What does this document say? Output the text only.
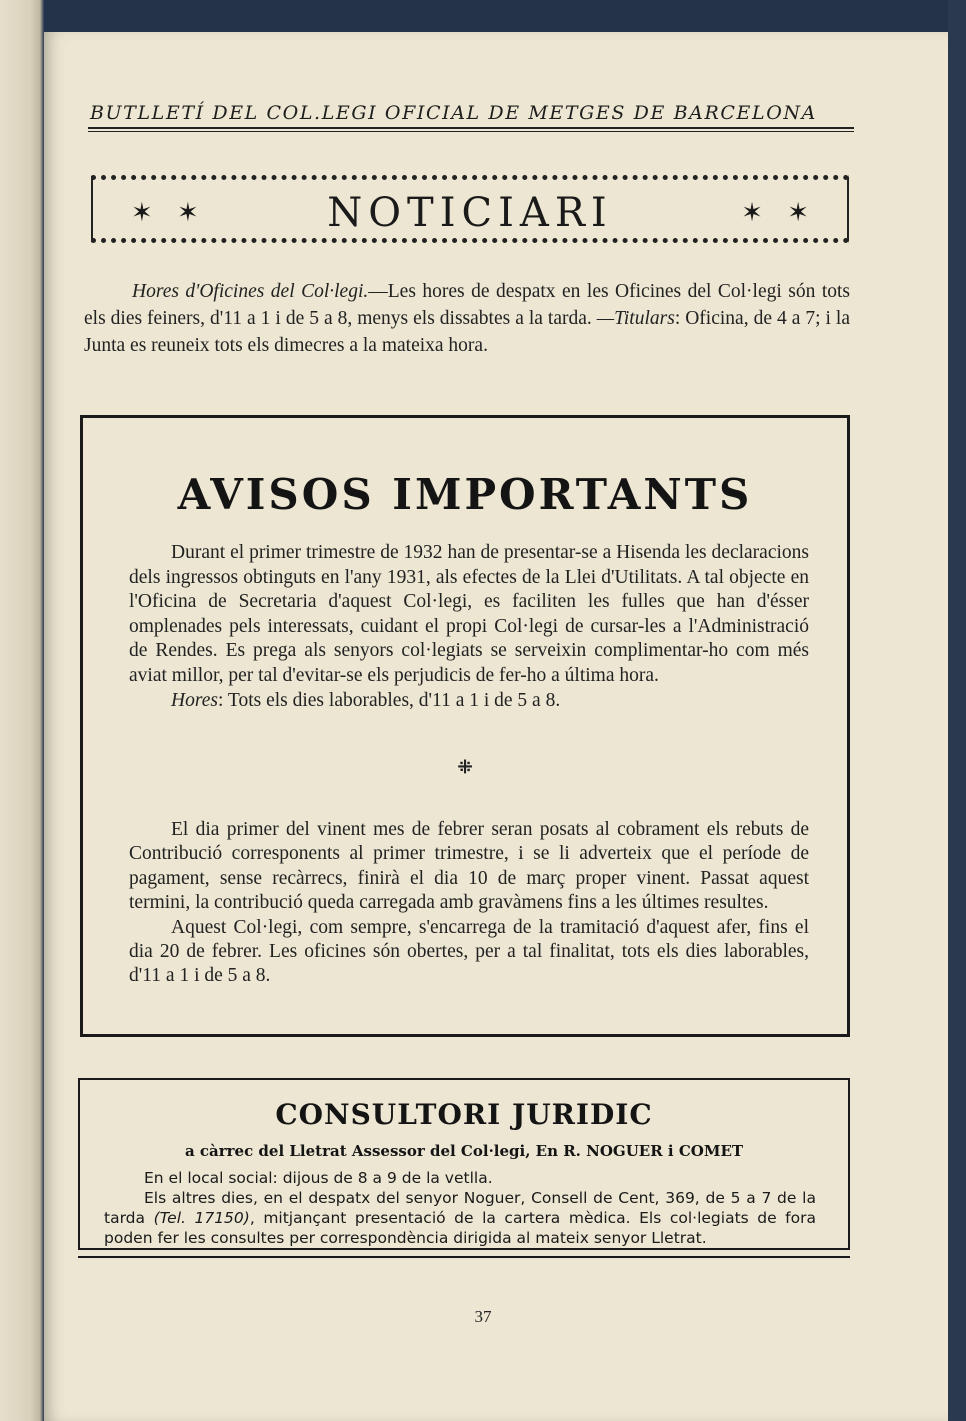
BUTLLETÍ DEL COL.LEGI OFICIAL DE METGES DE BARCELONA
✶ ✶	NOTICIARI	✶ ✶
Hores d'Oficines del Col·legi.—Les hores de despatx en les Oficines del Col·legi són tots els dies feiners, d'11 a 1 i de 5 a 8, menys els dissabtes a la tarda. —Titulars: Oficina, de 4 a 7; i la Junta es reuneix tots els dimecres a la mateixa hora.
AVISOS IMPORTANTS

Durant el primer trimestre de 1932 han de presentar-se a Hisenda les declaracions dels ingressos obtinguts en l'any 1931, als efectes de la Llei d'Utilitats. A tal objecte en l'Oficina de Secretaria d'aquest Col·legi, es faciliten les fulles que han d'ésser omplenades pels interessats, cuidant el propi Col·legi de cursar-les a l'Administració de Rendes. Es prega als senyors col·legiats se serveixin complimentar-ho com més aviat millor, per tal d'evitar-se els perjudicis de fer-ho a última hora.

Hores: Tots els dies laborables, d'11 a 1 i de 5 a 8.

⁜

El dia primer del vinent mes de febrer seran posats al cobrament els rebuts de Contribució corresponents al primer trimestre, i se li adverteix que el període de pagament, sense recàrrecs, finirà el dia 10 de març proper vinent. Passat aquest termini, la contribució queda carregada amb gravàmens fins a les últimes resultes.

Aquest Col·legi, com sempre, s'encarrega de la tramitació d'aquest afer, fins el dia 20 de febrer. Les oficines són obertes, per a tal finalitat, tots els dies laborables, d'11 a 1 i de 5 a 8.

CONSULTORI JURIDIC
a càrrec del Lletrat Assessor del Col·legi, En R. NOGUER i COMET

En el local social: dijous de 8 a 9 de la vetlla.

Els altres dies, en el despatx del senyor Noguer, Consell de Cent, 369, de 5 a 7 de la tarda (Tel. 17150), mitjançant presentació de la cartera mèdica. Els col·legiats de fora poden fer les consultes per correspondència dirigida al mateix senyor Lletrat.

37
